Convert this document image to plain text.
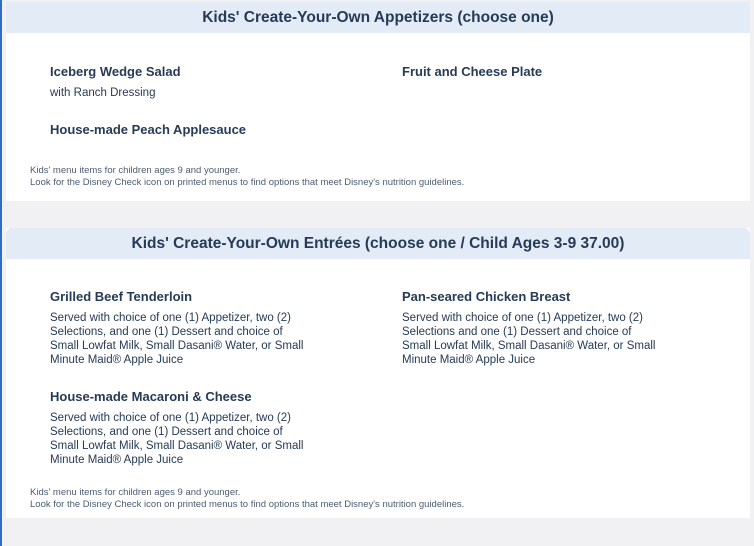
Kids' Create-Your-Own Appetizers (choose one)
Iceberg Wedge Salad
with Ranch Dressing
Fruit and Cheese Plate
House-made Peach Applesauce
Kids' menu items for children ages 9 and younger.
Look for the Disney Check icon on printed menus to find options that meet Disney's nutrition guidelines.
Kids' Create-Your-Own Entrées (choose one / Child Ages 3-9 37.00)
Grilled Beef Tenderloin
Served with choice of one (1) Appetizer, two (2) Selections, and one (1) Dessert and choice of Small Lowfat Milk, Small Dasani® Water, or Small Minute Maid® Apple Juice
Pan-seared Chicken Breast
Served with choice of one (1) Appetizer, two (2) Selections and one (1) Dessert and choice of Small Lowfat Milk, Small Dasani® Water, or Small Minute Maid® Apple Juice
House-made Macaroni & Cheese
Served with choice of one (1) Appetizer, two (2) Selections, and one (1) Dessert and choice of Small Lowfat Milk, Small Dasani® Water, or Small Minute Maid® Apple Juice
Kids' menu items for children ages 9 and younger.
Look for the Disney Check icon on printed menus to find options that meet Disney's nutrition guidelines.
